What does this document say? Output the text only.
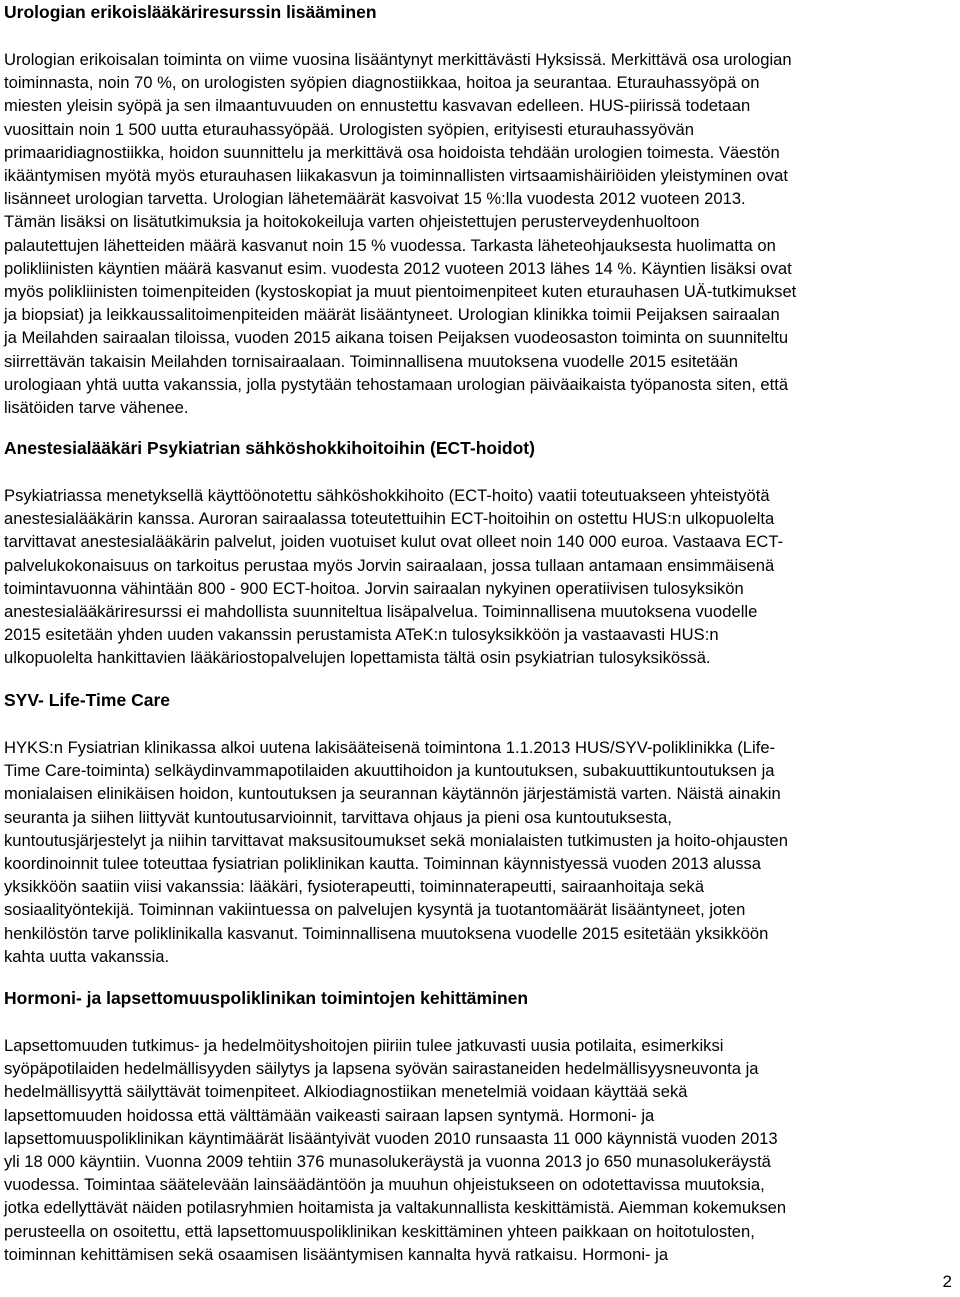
Urologian erikoislääkäriresurssin lisääminen

Urologian erikoisalan toiminta on viime vuosina lisääntynyt merkittävästi Hyksissä. Merkittävä osa urologian

toiminnasta, noin 70 %, on urologisten syöpien diagnostiikkaa, hoitoa ja seurantaa. Eturauhassyöpä on

miesten yleisin syöpä ja sen ilmaantuvuuden on ennustettu kasvavan edelleen. HUS-piirissä todetaan

vuosittain noin 1 500 uutta eturauhassyöpää. Urologisten syöpien, erityisesti eturauhassyövän

primaaridiagnostiikka, hoidon suunnittelu ja merkittävä osa hoidoista tehdään urologien toimesta. Väestön

ikääntymisen myötä myös eturauhasen liikakasvun ja toiminnallisten virtsaamishäiriöiden yleistyminen ovat

lisänneet urologian tarvetta. Urologian lähetemäärät kasvoivat 15 %:lla vuodesta 2012 vuoteen 2013.

Tämän lisäksi on lisätutkimuksia ja hoitokokeiluja varten ohjeistettujen perusterveydenhuoltoon

palautettujen lähetteiden määrä kasvanut noin 15 % vuodessa. Tarkasta läheteohjauksesta huolimatta on

polikliinisten käyntien määrä kasvanut esim. vuodesta 2012 vuoteen 2013 lähes 14 %. Käyntien lisäksi ovat

myös polikliinisten toimenpiteiden (kystoskopiat ja muut pientoimenpiteet kuten eturauhasen UÄ-tutkimukset

ja biopsiat) ja leikkaussalitoimenpiteiden määrät lisääntyneet. Urologian klinikka toimii Peijaksen sairaalan

ja Meilahden sairaalan tiloissa, vuoden 2015 aikana toisen Peijaksen vuodeosaston toiminta on suunniteltu

siirrettävän takaisin Meilahden tornisairaalaan. Toiminnallisena muutoksena vuodelle 2015 esitetään

urologiaan yhtä uutta vakanssia, jolla pystytään tehostamaan urologian päiväaikaista työpanosta siten, että

lisätöiden tarve vähenee.

Anestesialääkäri Psykiatrian sähköshokkihoitoihin (ECT-hoidot)

Psykiatriassa menetyksellä käyttöönotettu sähköshokkihoito (ECT-hoito) vaatii toteutuakseen yhteistyötä

anestesialääkärin kanssa. Auroran sairaalassa toteutettuihin ECT-hoitoihin on ostettu HUS:n ulkopuolelta

tarvittavat anestesialääkärin palvelut, joiden vuotuiset kulut ovat olleet noin 140 000 euroa. Vastaava ECT-

palvelukokonaisuus on tarkoitus perustaa myös Jorvin sairaalaan, jossa tullaan antamaan ensimmäisenä

toimintavuonna vähintään 800 - 900 ECT-hoitoa. Jorvin sairaalan nykyinen operatiivisen tulosyksikön

anestesialääkäriresurssi ei mahdollista suunniteltua lisäpalvelua. Toiminnallisena muutoksena vuodelle

2015 esitetään yhden uuden vakanssin perustamista ATeK:n tulosyksikköön ja vastaavasti HUS:n

ulkopuolelta hankittavien lääkäriostopalvelujen lopettamista tältä osin psykiatrian tulosyksikössä.

SYV- Life-Time Care

HYKS:n Fysiatrian klinikassa alkoi uutena lakisääteisenä toimintona 1.1.2013 HUS/SYV-poliklinikka (Life-

Time Care-toiminta) selkäydinvammapotilaiden akuuttihoidon ja kuntoutuksen, subakuuttikuntoutuksen ja

monialaisen elinikäisen hoidon, kuntoutuksen ja seurannan käytännön järjestämistä varten. Näistä ainakin

seuranta ja siihen liittyvät kuntoutusarvioinnit, tarvittava ohjaus ja pieni osa kuntoutuksesta,

kuntoutusjärjestelyt ja niihin tarvittavat maksusitoumukset sekä monialaisten tutkimusten ja hoito-ohjausten

koordinoinnit tulee toteuttaa fysiatrian poliklinikan kautta. Toiminnan käynnistyessä vuoden 2013 alussa

yksikköön saatiin viisi vakanssia: lääkäri, fysioterapeutti, toiminnaterapeutti, sairaanhoitaja sekä

sosiaalityöntekijä. Toiminnan vakiintuessa on palvelujen kysyntä ja tuotantomäärät lisääntyneet, joten

henkilöstön tarve poliklinikalla kasvanut. Toiminnallisena muutoksena vuodelle 2015 esitetään yksikköön

kahta uutta vakanssia.

Hormoni- ja lapsettomuuspoliklinikan toimintojen kehittäminen

Lapsettomuuden tutkimus- ja hedelmöityshoitojen piiriin tulee jatkuvasti uusia potilaita, esimerkiksi

syöpäpotilaiden hedelmällisyyden säilytys ja lapsena syövän sairastaneiden hedelmällisyysneuvonta ja

hedelmällisyyttä säilyttävät toimenpiteet. Alkiodiagnostiikan menetelmiä voidaan käyttää sekä

lapsettomuuden hoidossa että välttämään vaikeasti sairaan lapsen syntymä. Hormoni- ja

lapsettomuuspoliklinikan käyntimäärät lisääntyivät vuoden 2010 runsaasta 11 000 käynnistä vuoden 2013

yli 18 000 käyntiin. Vuonna 2009 tehtiin 376 munasolukeräystä ja vuonna 2013 jo 650 munasolukeräystä

vuodessa. Toimintaa säätelevään lainsäädäntöön ja muuhun ohjeistukseen on odotettavissa muutoksia,

jotka edellyttävät näiden potilasryhmien hoitamista ja valtakunnallista keskittämistä. Aiemman kokemuksen

perusteella on osoitettu, että lapsettomuuspoliklinikan keskittäminen yhteen paikkaan on hoitotulosten,

toiminnan kehittämisen sekä osaamisen lisääntymisen kannalta hyvä ratkaisu. Hormoni- ja

2
